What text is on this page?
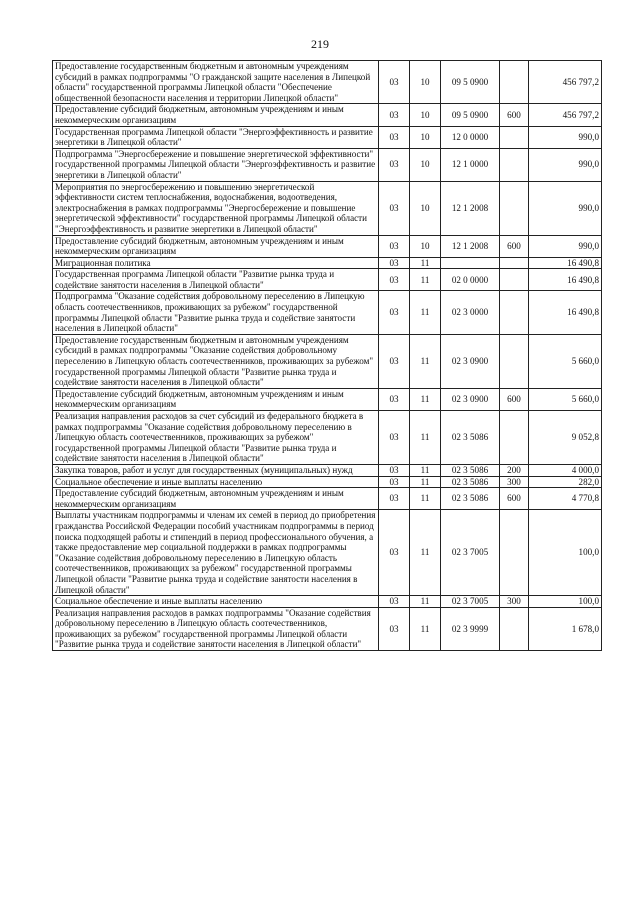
219
Предоставление государственным бюджетным и автономным учреждениям субсидий в рамках подпрограммы "О гражданской защите населения в Липецкой области" государственной программы Липецкой области "Обеспечение общественной безопасности населения и территории Липецкой области"	03	10	09 5 0900		456 797,2
Предоставление субсидий бюджетным, автономным учреждениям и иным некоммерческим организациям	03	10	09 5 0900	600	456 797,2
Государственная программа Липецкой области "Энергоэффективность и развитие энергетики в Липецкой области"	03	10	12 0 0000		990,0
Подпрограмма "Энергосбережение и повышение энергетической эффективности" государственной программы Липецкой области "Энергоэффективность и развитие энергетики в Липецкой области"	03	10	12 1 0000		990,0
Мероприятия по энергосбережению и повышению энергетической эффективности систем теплоснабжения, водоснабжения, водоотведения, электроснабжения в рамках подпрограммы "Энергосбережение и повышение энергетической эффективности" государственной программы Липецкой области "Энергоэффективность и развитие энергетики в Липецкой области"	03	10	12 1 2008		990,0
Предоставление субсидий бюджетным, автономным учреждениям и иным некоммерческим организациям	03	10	12 1 2008	600	990,0
Миграционная политика	03	11			16 490,8
Государственная программа Липецкой области "Развитие рынка труда и содействие занятости населения в Липецкой области"	03	11	02 0 0000		16 490,8
Подпрограмма "Оказание содействия добровольному переселению в Липецкую область соотечественников, проживающих за рубежом" государственной программы Липецкой области "Развитие рынка труда и содействие занятости населения в Липецкой области"	03	11	02 3 0000		16 490,8
Предоставление государственным бюджетным и автономным учреждениям субсидий в рамках подпрограммы "Оказание содействия добровольному переселению в Липецкую область соотечественников, проживающих за рубежом" государственной программы Липецкой области "Развитие рынка труда и содействие занятости населения в Липецкой области"	03	11	02 3 0900		5 660,0
Предоставление субсидий бюджетным, автономным учреждениям и иным некоммерческим организациям	03	11	02 3 0900	600	5 660,0
Реализация направления расходов за счет субсидий из федерального бюджета в рамках подпрограммы "Оказание содействия добровольному переселению в Липецкую область соотечественников, проживающих за рубежом" государственной программы Липецкой области "Развитие рынка труда и содействие занятости населения в Липецкой области"	03	11	02 3 5086		9 052,8
Закупка товаров, работ и услуг для государственных (муниципальных) нужд	03	11	02 3 5086	200	4 000,0
Социальное обеспечение и иные выплаты населению	03	11	02 3 5086	300	282,0
Предоставление субсидий бюджетным, автономным учреждениям и иным некоммерческим организациям	03	11	02 3 5086	600	4 770,8
Выплаты участникам подпрограммы и членам их семей в период до приобретения гражданства Российской Федерации пособий участникам подпрограммы в период поиска подходящей работы и стипендий в период профессионального обучения, а также предоставление мер социальной поддержки в рамках подпрограммы "Оказание содействия добровольному переселению в Липецкую область соотечественников, проживающих за рубежом" государственной программы Липецкой области "Развитие рынка труда и содействие занятости населения в Липецкой области"	03	11	02 3 7005		100,0
Социальное обеспечение и иные выплаты населению	03	11	02 3 7005	300	100,0
Реализация направления расходов в рамках подпрограммы "Оказание содействия добровольному переселению в Липецкую область соотечественников, проживающих за рубежом" государственной программы Липецкой области "Развитие рынка труда и содействие занятости населения в Липецкой области"	03	11	02 3 9999		1 678,0
